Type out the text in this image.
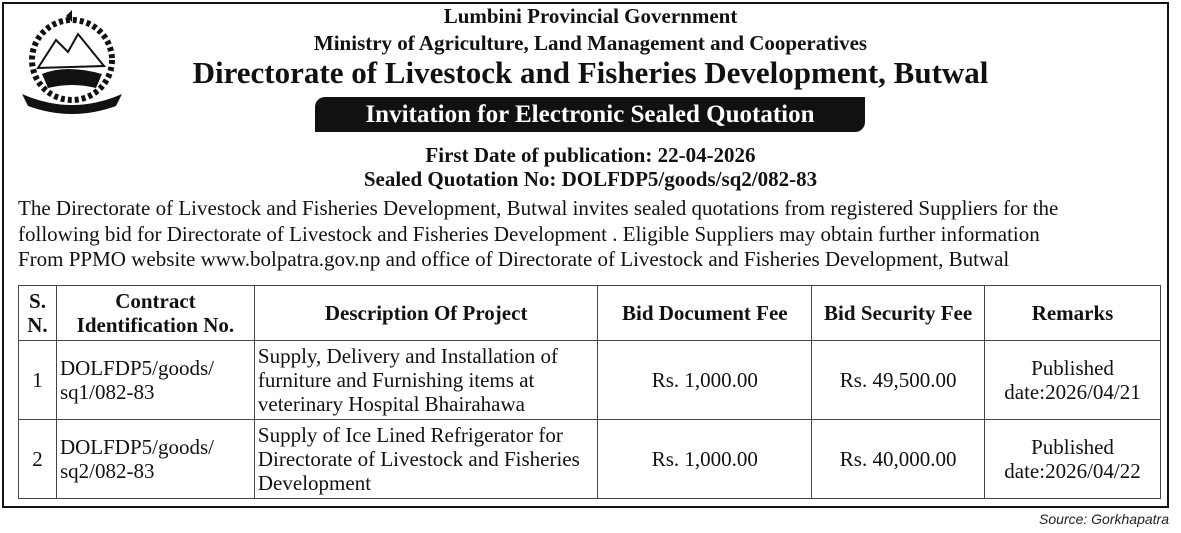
Lumbini Provincial Government
Ministry of Agriculture, Land Management and Cooperatives
Directorate of Livestock and Fisheries Development, Butwal
Invitation for Electronic Sealed Quotation
First Date of publication: 22-04-2026
Sealed Quotation No: DOLFDP5/goods/sq2/082-83
The Directorate of Livestock and Fisheries Development, Butwal invites sealed quotations from registered Suppliers for the
following bid for Directorate of Livestock and Fisheries Development . Eligible Suppliers may obtain further information
From PPMO website www.bolpatra.gov.np and office of Directorate of Livestock and Fisheries Development, Butwal
S. N.	Contract Identification No.	Description Of Project	Bid Document Fee	Bid Security Fee	Remarks
1	DOLFDP5/goods/ sq1/082-83	Supply, Delivery and Installation of furniture and Furnishing items at veterinary Hospital Bhairahawa	Rs. 1,000.00	Rs. 49,500.00	Published date:2026/04/21
2	DOLFDP5/goods/ sq2/082-83	Supply of Ice Lined Refrigerator for Directorate of Livestock and Fisheries Development	Rs. 1,000.00	Rs. 40,000.00	Published date:2026/04/22
Source: Gorkhapatra
